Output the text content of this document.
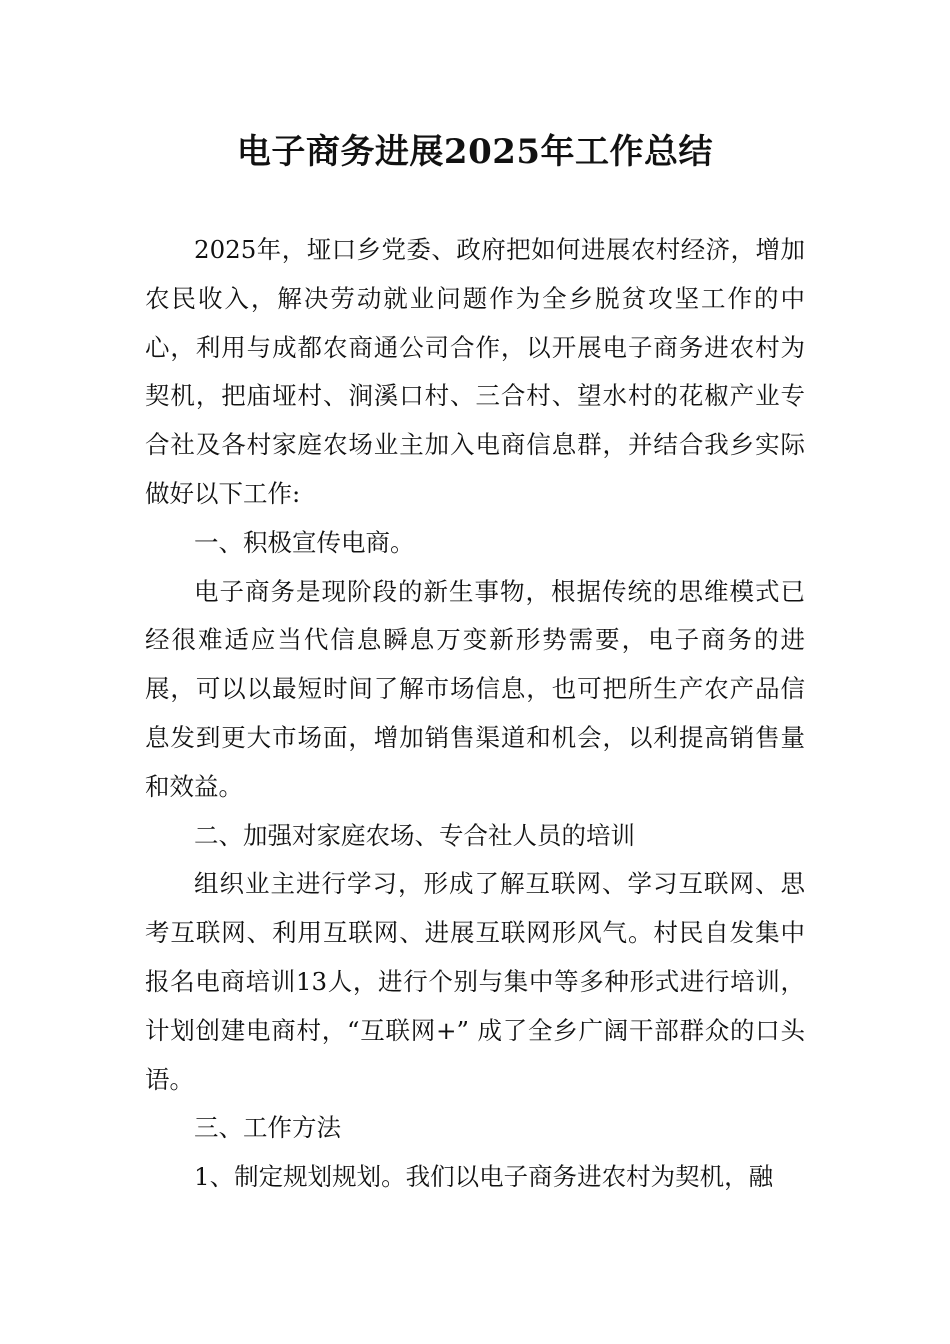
电子商务进展2025年工作总结

2025年，垭口乡党委、政府把如何进展农村经济，增加农民收入，解决劳动就业问题作为全乡脱贫攻坚工作的中心，利用与成都农商通公司合作，以开展电子商务进农村为契机，把庙垭村、涧溪口村、三合村、望水村的花椒产业专合社及各村家庭农场业主加入电商信息群，并结合我乡实际做好以下工作:

一、积极宣传电商。

电子商务是现阶段的新生事物，根据传统的思维模式已经很难适应当代信息瞬息万变新形势需要，电子商务的进展，可以以最短时间了解市场信息，也可把所生产农产品信息发到更大市场面，增加销售渠道和机会，以利提高销售量和效益。

二、加强对家庭农场、专合社人员的培训

组织业主进行学习，形成了解互联网、学习互联网、思考互联网、利用互联网、进展互联网形风气。村民自发集中报名电商培训13人，进行个别与集中等多种形式进行培训，计划创建电商村，“互联网+” 成了全乡广阔干部群众的口头语。

三、工作方法

1、制定规划规划。我们以电子商务进农村为契机，融
